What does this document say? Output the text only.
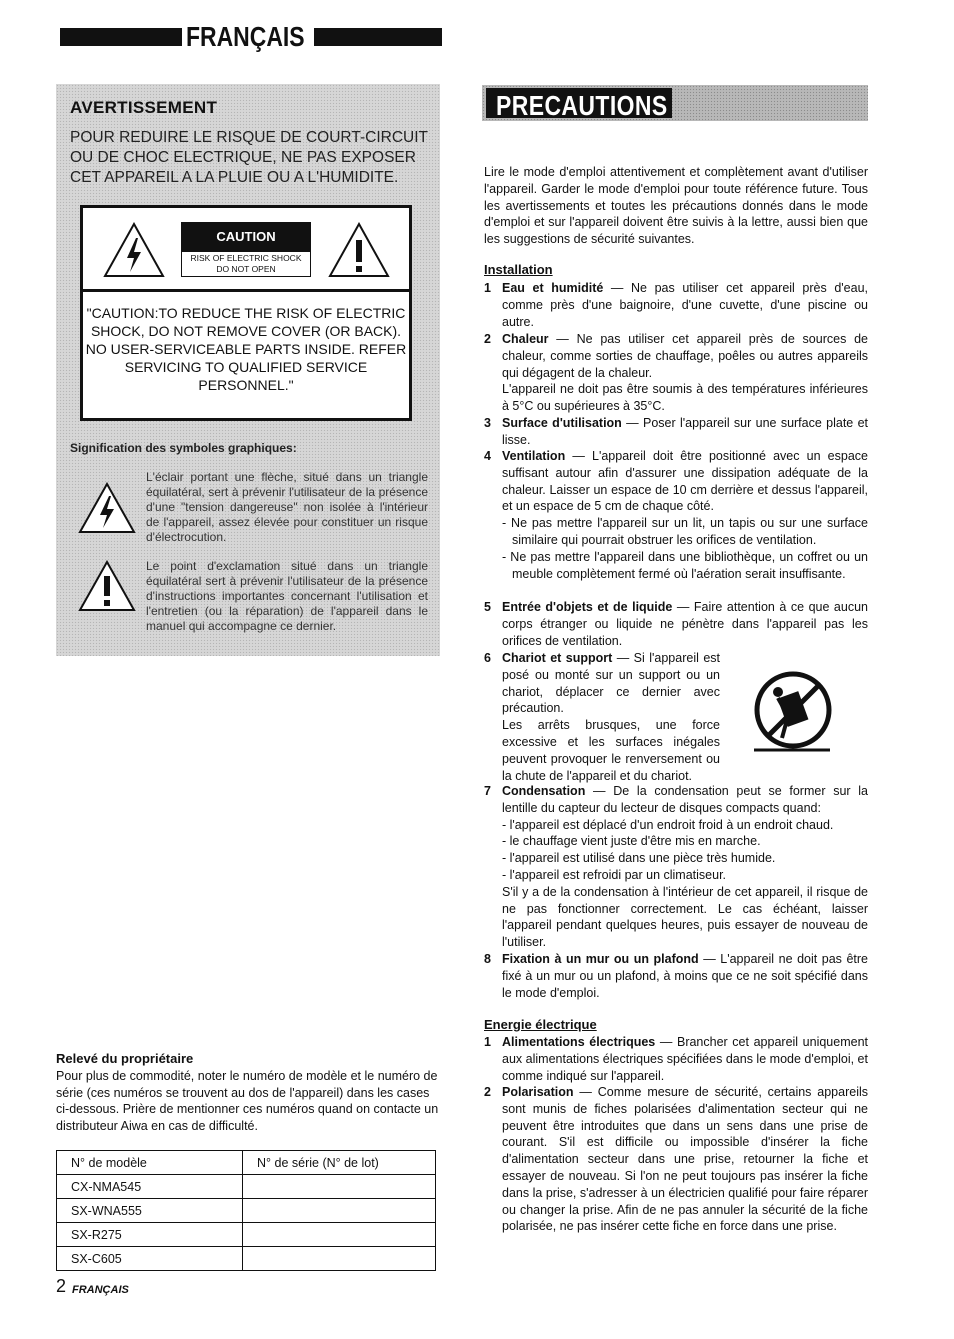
FRANÇAIS
AVERTISSEMENT
POUR REDUIRE LE RISQUE DE COURT-CIRCUIT OU DE CHOC ELECTRIQUE, NE PAS EXPOSER CET APPAREIL A LA PLUIE OU A L'HUMIDITE.
CAUTION
RISK OF ELECTRIC SHOCK
DO NOT OPEN
"CAUTION:TO REDUCE THE RISK OF ELECTRIC SHOCK, DO NOT REMOVE COVER (OR BACK). NO USER-SERVICEABLE PARTS INSIDE. REFER SERVICING TO QUALIFIED SERVICE PERSONNEL."
Signification des symboles graphiques:
L'éclair portant une flèche, situé dans un triangle équilatéral, sert à prévenir l'utilisateur de la présence d'une "tension dangereuse" non isolée à l'intérieur de l'appareil, assez élevée pour constituer un risque d'électrocution.
Le point d'exclamation situé dans un triangle équilatéral sert à prévenir l'utilisateur de la présence d'instructions importantes concernant l'utilisation et l'entretien (ou la réparation) de l'appareil dans le manuel qui accompagne ce dernier.
Relevé du propriétaire
Pour plus de commodité, noter le numéro de modèle et le numéro de série (ces numéros se trouvent au dos de l'appareil) dans les cases ci-dessous. Prière de mentionner ces numéros quand on contacte un distributeur Aiwa en cas de difficulté.
N° de modèle	N° de série (N° de lot)
CX-NMA545	
SX-WNA555	
SX-R275	
SX-C605	
2 FRANÇAIS
PRECAUTIONS
Lire le mode d'emploi attentivement et complètement avant d'utiliser l'appareil. Garder le mode d'emploi pour toute référence future. Tous les avertissements et toutes les précautions donnés dans le mode d'emploi et sur l'appareil doivent être suivis à la lettre, aussi bien que les suggestions de sécurité suivantes.
Installation
1 Eau et humidité — Ne pas utiliser cet appareil près d'eau, comme près d'une baignoire, d'une cuvette, d'une piscine ou autre.
2 Chaleur — Ne pas utiliser cet appareil près de sources de chaleur, comme sorties de chauffage, poêles ou autres appareils qui dégagent de la chaleur.
L'appareil ne doit pas être soumis à des températures inférieures à 5°C ou supérieures à 35°C.
3 Surface d'utilisation — Poser l'appareil sur une surface plate et lisse.
4 Ventilation — L'appareil doit être positionné avec un espace suffisant autour afin d'assurer une dissipation adéquate de la chaleur. Laisser un espace de 10 cm derrière et dessus l'appareil, et un espace de 5 cm de chaque côté.
- Ne pas mettre l'appareil sur un lit, un tapis ou sur une surface similaire qui pourrait obstruer les orifices de ventilation.
- Ne pas mettre l'appareil dans une bibliothèque, un coffret ou un meuble complètement fermé où l'aération serait insuffisante.
5 Entrée d'objets et de liquide — Faire attention à ce que aucun corps étranger ou liquide ne pénètre dans l'appareil pas les orifices de ventilation.
6 Chariot et support — Si l'appareil est posé ou monté sur un support ou un chariot, déplacer ce dernier avec précaution.
Les arrêts brusques, une force excessive et les surfaces inégales peuvent provoquer le renversement ou la chute de l'appareil et du chariot.
7 Condensation — De la condensation peut se former sur la lentille du capteur du lecteur de disques compacts quand:
- l'appareil est déplacé d'un endroit froid à un endroit chaud.
- le chauffage vient juste d'être mis en marche.
- l'appareil est utilisé dans une pièce très humide.
- l'appareil est refroidi par un climatiseur.
S'il y a de la condensation à l'intérieur de cet appareil, il risque de ne pas fonctionner correctement. Le cas échéant, laisser l'appareil pendant quelques heures, puis essayer de nouveau de l'utiliser.
8 Fixation à un mur ou un plafond — L'appareil ne doit pas être fixé à un mur ou un plafond, à moins que ce ne soit spécifié dans le mode d'emploi.
Energie électrique
1 Alimentations électriques — Brancher cet appareil uniquement aux alimentations électriques spécifiées dans le mode d'emploi, et comme indiqué sur l'appareil.
2 Polarisation — Comme mesure de sécurité, certains appareils sont munis de fiches polarisées d'alimentation secteur qui ne peuvent être introduites que dans un sens dans une prise de courant. S'il est difficile ou impossible d'insérer la fiche d'alimentation secteur dans une prise, retourner la fiche et essayer de nouveau. Si l'on ne peut toujours pas insérer la fiche dans la prise, s'adresser à un électricien qualifié pour faire réparer ou changer la prise. Afin de ne pas annuler la sécurité de la fiche polarisée, ne pas insérer cette fiche en force dans une prise.
